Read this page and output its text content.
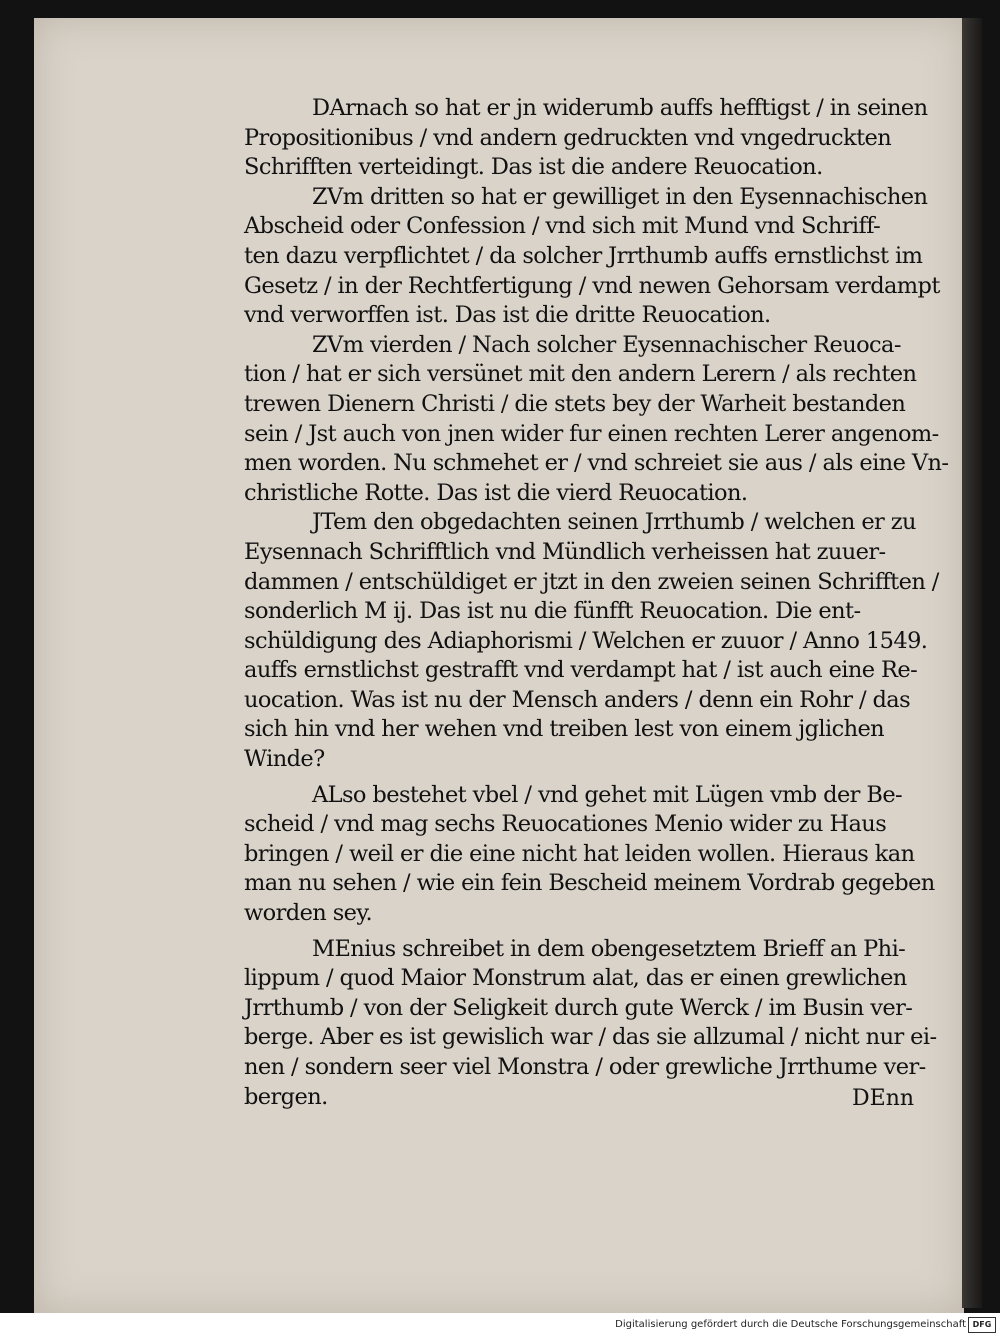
DArnach so hat er jn widerumb auffs hefftigst / in seinen
Propositionibus / vnd andern gedruckten vnd vngedruckten
Schrifften verteidingt. Das ist die andere Reuocation.
ZVm dritten so hat er gewilliget in den Eysennachischen
Abscheid oder Confession / vnd sich mit Mund vnd Schriff-
ten dazu verpflichtet / da solcher Jrrthumb auffs ernstlichst im
Gesetz / in der Rechtfertigung / vnd newen Gehorsam verdampt
vnd verworffen ist. Das ist die dritte Reuocation.
ZVm vierden / Nach solcher Eysennachischer Reuoca-
tion / hat er sich versünet mit den andern Lerern / als rechten
trewen Dienern Christi / die stets bey der Warheit bestanden
sein / Jst auch von jnen wider fur einen rechten Lerer angenom-
men worden. Nu schmehet er / vnd schreiet sie aus / als eine Vn-
christliche Rotte. Das ist die vierd Reuocation.
JTem den obgedachten seinen Jrrthumb / welchen er zu
Eysennach Schrifftlich vnd Mündlich verheissen hat zuuer-
dammen / entschüldiget er jtzt in den zweien seinen Schrifften /
sonderlich M ij. Das ist nu die fünfft Reuocation. Die ent-
schüldigung des Adiaphorismi / Welchen er zuuor / Anno 1549.
auffs ernstlichst gestrafft vnd verdampt hat / ist auch eine Re-
uocation. Was ist nu der Mensch anders / denn ein Rohr / das
sich hin vnd her wehen vnd treiben lest von einem jglichen
Winde?
ALso bestehet vbel / vnd gehet mit Lügen vmb der Be-
scheid / vnd mag sechs Reuocationes Menio wider zu Haus
bringen / weil er die eine nicht hat leiden wollen. Hieraus kan
man nu sehen / wie ein fein Bescheid meinem Vordrab gegeben
worden sey.
MEnius schreibet in dem obengesetztem Brieff an Phi-
lippum / quod Maior Monstrum alat, das er einen grewlichen
Jrrthumb / von der Seligkeit durch gute Werck / im Busin ver-
berge. Aber es ist gewislich war / das sie allzumal / nicht nur ei-
nen / sondern seer viel Monstra / oder grewliche Jrrthume ver-
bergen.	DEnn
Digitalisierung gefördert durch die Deutsche Forschungsgemeinschaft DFG
